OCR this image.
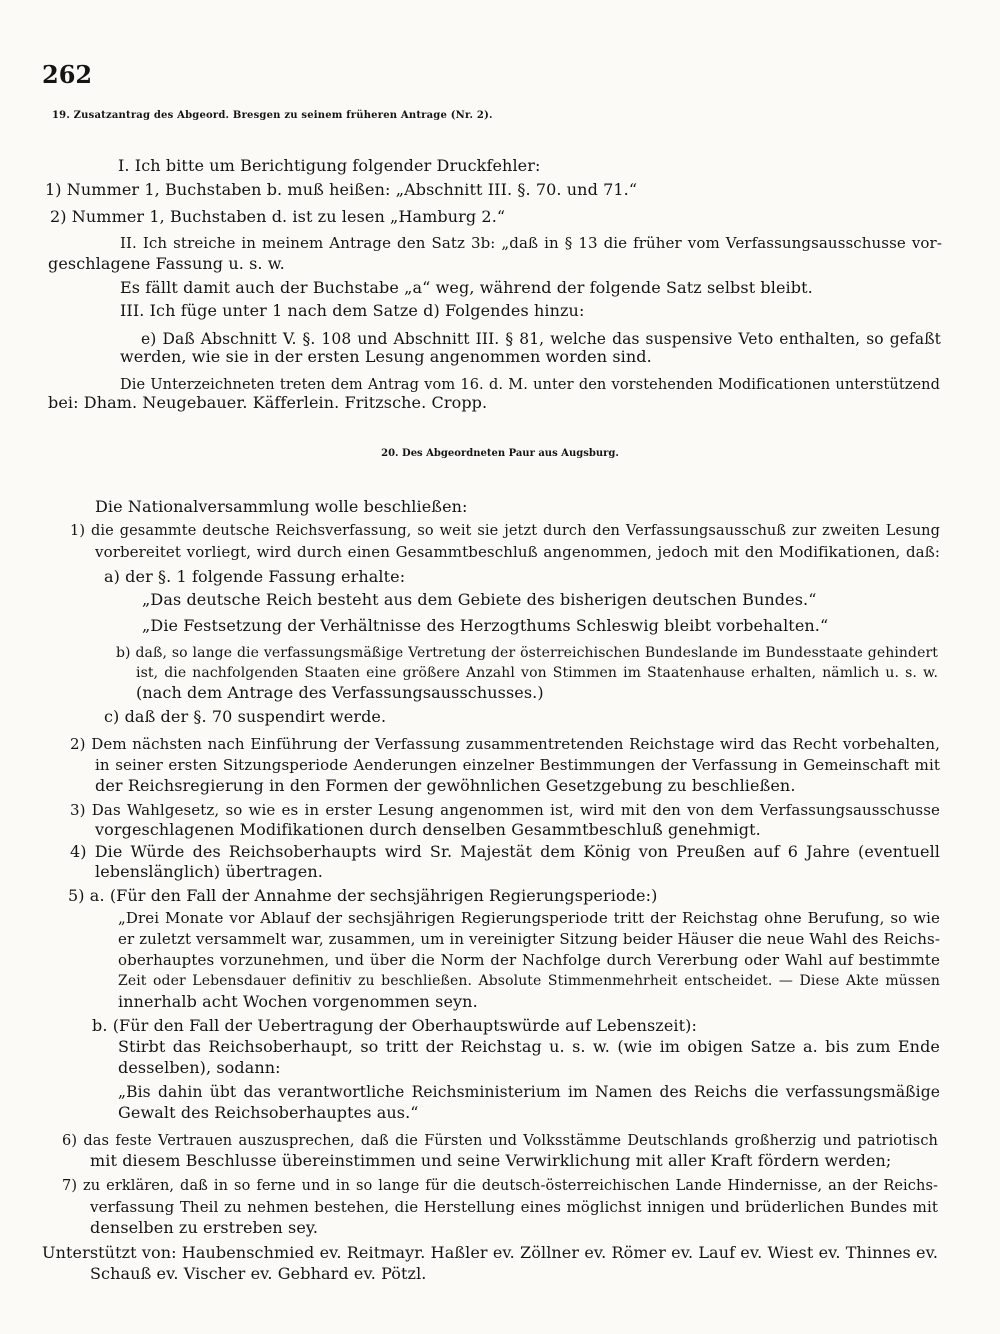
262
19. Zusatzantrag des Abgeord. Bresgen zu seinem früheren Antrage (Nr. 2).
I. Ich bitte um Berichtigung folgender Druckfehler:
1) Nummer 1, Buchstaben b. muß heißen: „Abschnitt III. §. 70. und 71.“
2) Nummer 1, Buchstaben d. ist zu lesen „Hamburg 2.“
II. Ich streiche in meinem Antrage den Satz 3b: „daß in § 13 die früher vom Verfassungsausschusse vor-
geschlagene Fassung u. s. w.
Es fällt damit auch der Buchstabe „a“ weg, während der folgende Satz selbst bleibt.
III. Ich füge unter 1 nach dem Satze d) Folgendes hinzu:
e) Daß Abschnitt V. §. 108 und Abschnitt III. § 81, welche das suspensive Veto enthalten, so gefaßt
werden, wie sie in der ersten Lesung angenommen worden sind.
Die Unterzeichneten treten dem Antrag vom 16. d. M. unter den vorstehenden Modificationen unterstützend
bei: Dham. Neugebauer. Käfferlein. Fritzsche. Cropp.
20. Des Abgeordneten Paur aus Augsburg.
Die Nationalversammlung wolle beschließen:
1) die gesammte deutsche Reichsverfassung, so weit sie jetzt durch den Verfassungsausschuß zur zweiten Lesung
vorbereitet vorliegt, wird durch einen Gesammtbeschluß angenommen, jedoch mit den Modifikationen, daß:
a) der §. 1 folgende Fassung erhalte:
„Das deutsche Reich besteht aus dem Gebiete des bisherigen deutschen Bundes.“
„Die Festsetzung der Verhältnisse des Herzogthums Schleswig bleibt vorbehalten.“
b) daß, so lange die verfassungsmäßige Vertretung der österreichischen Bundeslande im Bundesstaate gehindert
ist, die nachfolgenden Staaten eine größere Anzahl von Stimmen im Staatenhause erhalten, nämlich u. s. w.
(nach dem Antrage des Verfassungsausschusses.)
c) daß der §. 70 suspendirt werde.
2) Dem nächsten nach Einführung der Verfassung zusammentretenden Reichstage wird das Recht vorbehalten,
in seiner ersten Sitzungsperiode Aenderungen einzelner Bestimmungen der Verfassung in Gemeinschaft mit
der Reichsregierung in den Formen der gewöhnlichen Gesetzgebung zu beschließen.
3) Das Wahlgesetz, so wie es in erster Lesung angenommen ist, wird mit den von dem Verfassungsausschusse
vorgeschlagenen Modifikationen durch denselben Gesammtbeschluß genehmigt.
4) Die Würde des Reichsoberhaupts wird Sr. Majestät dem König von Preußen auf 6 Jahre (eventuell
lebenslänglich) übertragen.
5) a. (Für den Fall der Annahme der sechsjährigen Regierungsperiode:)
„Drei Monate vor Ablauf der sechsjährigen Regierungsperiode tritt der Reichstag ohne Berufung, so wie
er zuletzt versammelt war, zusammen, um in vereinigter Sitzung beider Häuser die neue Wahl des Reichs-
oberhauptes vorzunehmen, und über die Norm der Nachfolge durch Vererbung oder Wahl auf bestimmte
Zeit oder Lebensdauer definitiv zu beschließen. Absolute Stimmenmehrheit entscheidet. — Diese Akte müssen
innerhalb acht Wochen vorgenommen seyn.
b. (Für den Fall der Uebertragung der Oberhauptswürde auf Lebenszeit):
Stirbt das Reichsoberhaupt, so tritt der Reichstag u. s. w. (wie im obigen Satze a. bis zum Ende
desselben), sodann:
„Bis dahin übt das verantwortliche Reichsministerium im Namen des Reichs die verfassungsmäßige
Gewalt des Reichsoberhauptes aus.“
6) das feste Vertrauen auszusprechen, daß die Fürsten und Volksstämme Deutschlands großherzig und patriotisch
mit diesem Beschlusse übereinstimmen und seine Verwirklichung mit aller Kraft fördern werden;
7) zu erklären, daß in so ferne und in so lange für die deutsch-österreichischen Lande Hindernisse, an der Reichs-
verfassung Theil zu nehmen bestehen, die Herstellung eines möglichst innigen und brüderlichen Bundes mit
denselben zu erstreben sey.
Unterstützt von: Haubenschmied ev. Reitmayr. Haßler ev. Zöllner ev. Römer ev. Lauf ev. Wiest ev. Thinnes ev.
Schauß ev. Vischer ev. Gebhard ev. Pötzl.
